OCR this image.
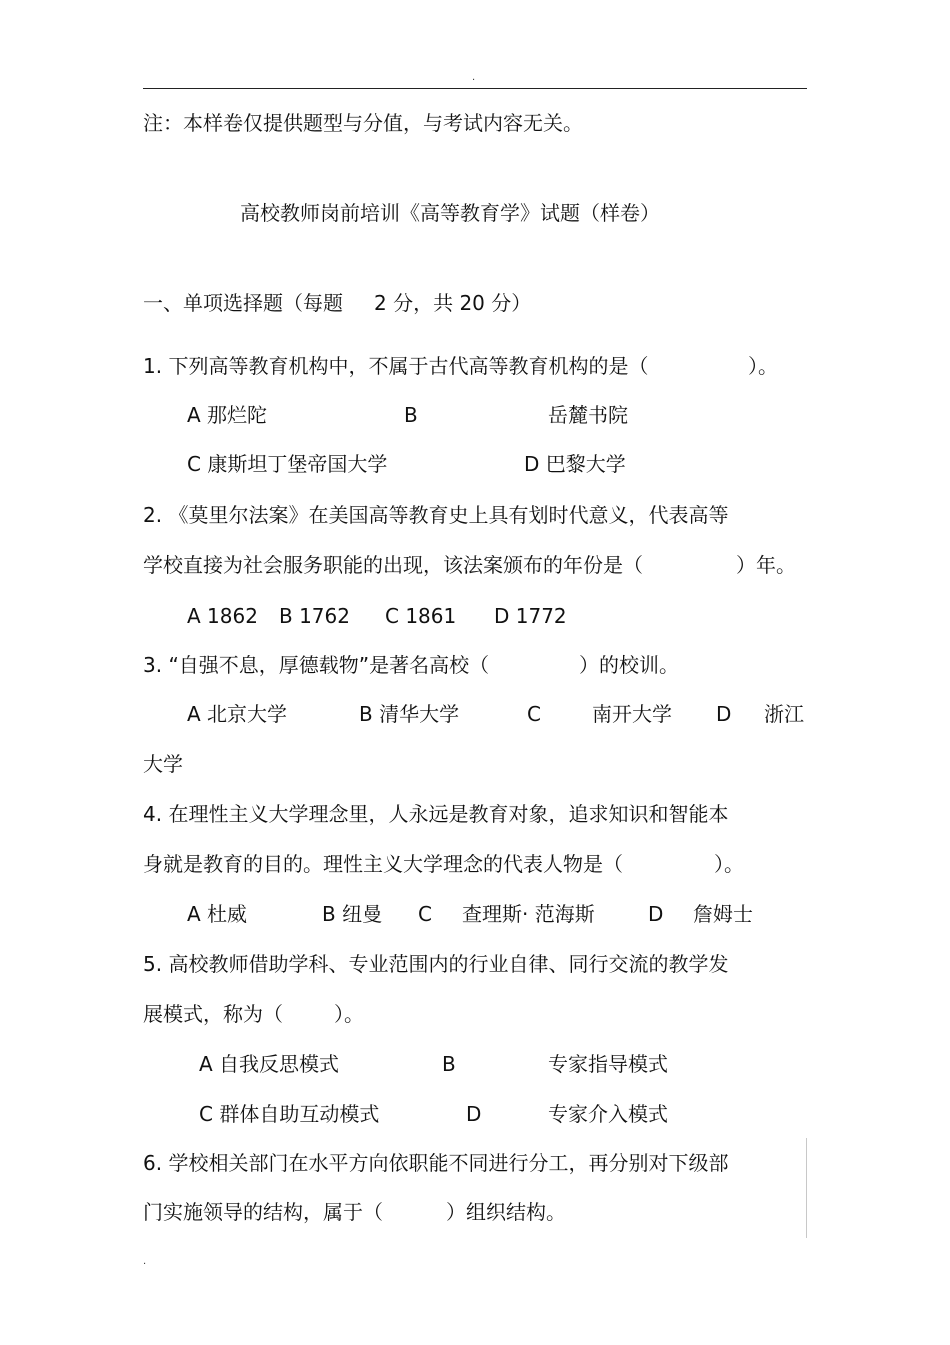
.
注：本样卷仅提供题型与分值，与考试内容无关。
高校教师岗前培训《高等教育学》试题（样卷）
一、单项选择题（每题 2 分，共 20 分）
1. 下列高等教育机构中，不属于古代高等教育机构的是（	）。
A 那烂陀	B	岳麓书院
C 康斯坦丁堡帝国大学	D 巴黎大学
2. 《莫里尔法案》在美国高等教育史上具有划时代意义，代表高等
学校直接为社会服务职能的出现，该法案颁布的年份是（	）年。
A 1862 B 1762 C 1861 D 1772
3. “自强不息，厚德载物”是著名高校（	）的校训。
A 北京大学	B 清华大学	C	南开大学 D 浙江
大学
4. 在理性主义大学理念里，人永远是教育对象，追求知识和智能本
身就是教育的目的。理性主义大学理念的代表人物是（	）。
A 杜威	B 纽曼 C 查理斯· 范海斯	D 詹姆士
5. 高校教师借助学科、专业范围内的行业自律、同行交流的教学发
展模式，称为（	）。
A 自我反思模式	B	专家指导模式
C 群体自助互动模式	D	专家介入模式
6. 学校相关部门在水平方向依职能不同进行分工，再分别对下级部
门实施领导的结构，属于（	）组织结构。
.
